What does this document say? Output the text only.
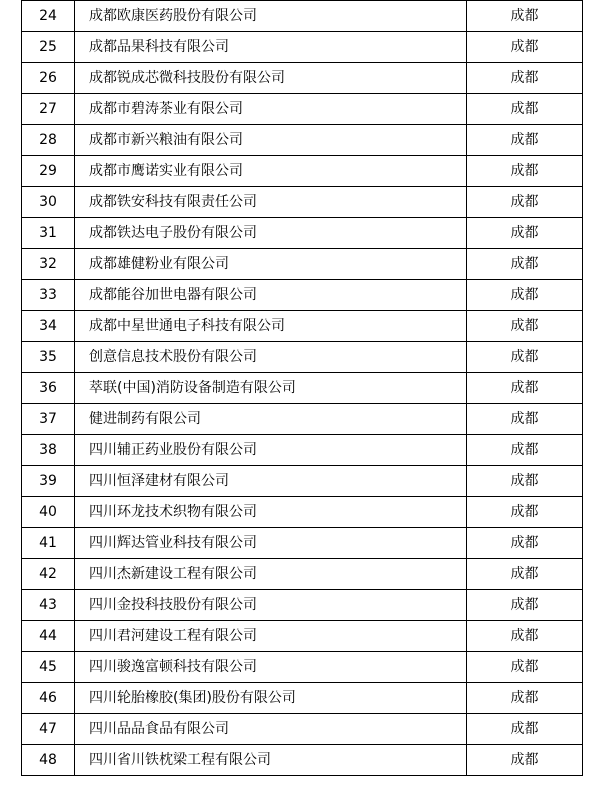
24	成都欧康医药股份有限公司	成都
25	成都品果科技有限公司	成都
26	成都锐成芯微科技股份有限公司	成都
27	成都市碧涛茶业有限公司	成都
28	成都市新兴粮油有限公司	成都
29	成都市鹰诺实业有限公司	成都
30	成都铁安科技有限责任公司	成都
31	成都铁达电子股份有限公司	成都
32	成都雄健粉业有限公司	成都
33	成都能谷加世电器有限公司	成都
34	成都中星世通电子科技有限公司	成都
35	创意信息技术股份有限公司	成都
36	萃联(中国)消防设备制造有限公司	成都
37	健进制药有限公司	成都
38	四川辅正药业股份有限公司	成都
39	四川恒泽建材有限公司	成都
40	四川环龙技术织物有限公司	成都
41	四川辉达管业科技有限公司	成都
42	四川杰新建设工程有限公司	成都
43	四川金投科技股份有限公司	成都
44	四川君河建设工程有限公司	成都
45	四川骏逸富顿科技有限公司	成都
46	四川轮胎橡胶(集团)股份有限公司	成都
47	四川品品食品有限公司	成都
48	四川省川铁枕梁工程有限公司	成都
